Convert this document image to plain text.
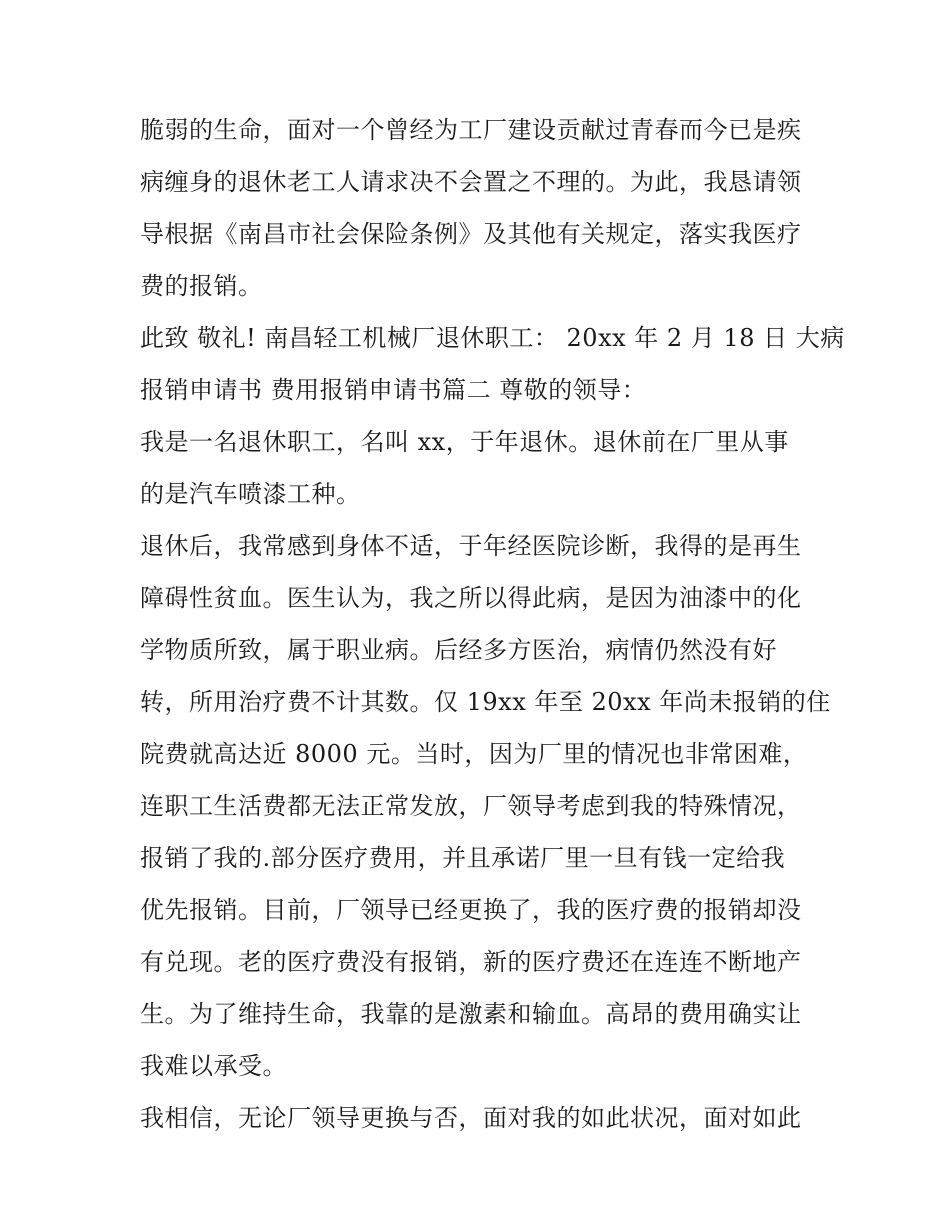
脆弱的生命，面对一个曾经为工厂建设贡献过青春而今已是疾
病缠身的退休老工人请求决不会置之不理的。为此，我恳请领
导根据《南昌市社会保险条例》及其他有关规定，落实我医疗
费的报销。
此致 敬礼! 南昌轻工机械厂退休职工： 20xx 年 2 月 18 日 大病
报销申请书 费用报销申请书篇二 尊敬的领导：
我是一名退休职工，名叫 xx，于年退休。退休前在厂里从事
的是汽车喷漆工种。
退休后，我常感到身体不适，于年经医院诊断，我得的是再生
障碍性贫血。医生认为，我之所以得此病，是因为油漆中的化
学物质所致，属于职业病。后经多方医治，病情仍然没有好
转，所用治疗费不计其数。仅 19xx 年至 20xx 年尚未报销的住
院费就高达近 8000 元。当时，因为厂里的情况也非常困难，
连职工生活费都无法正常发放，厂领导考虑到我的特殊情况，
报销了我的.部分医疗费用，并且承诺厂里一旦有钱一定给我
优先报销。目前，厂领导已经更换了，我的医疗费的报销却没
有兑现。老的医疗费没有报销，新的医疗费还在连连不断地产
生。为了维持生命，我靠的是激素和输血。高昂的费用确实让
我难以承受。
我相信，无论厂领导更换与否，面对我的如此状况，面对如此
